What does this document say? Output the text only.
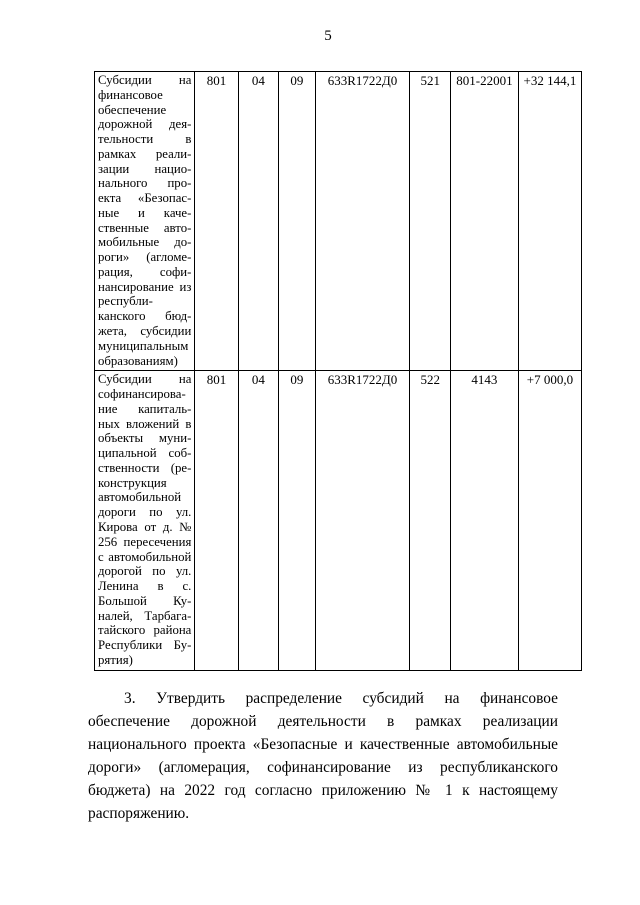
5
Субсидии на финансовое обеспечение дорожной деятельности в рамках реализации национального проекта «Безопасные и качественные автомобильные дороги» (агломерация, софинансирование из республиканского бюджета, субсидии муниципальным образованиям)	801	04	09	633R1722Д0	521	801-22001	+32 144,1
Субсидии на софинансирование капитальных вложений в объекты муниципальной собственности (реконструкция автомобильной дороги по ул. Кирова от д. № 256 пересечения с автомобильной дорогой по ул. Ленина в с. Большой Куналей, Тарбагатайского района Республики Бурятия)	801	04	09	633R1722Д0	522	4143	+7 000,0

3. Утвердить распределение субсидий на финансовое обеспечение дорожной деятельности в рамках реализации национального проекта «Безопасные и качественные автомобильные дороги» (агломерация, софинансирование из республиканского бюджета) на 2022 год согласно приложению № 1 к настоящему распоряжению.
